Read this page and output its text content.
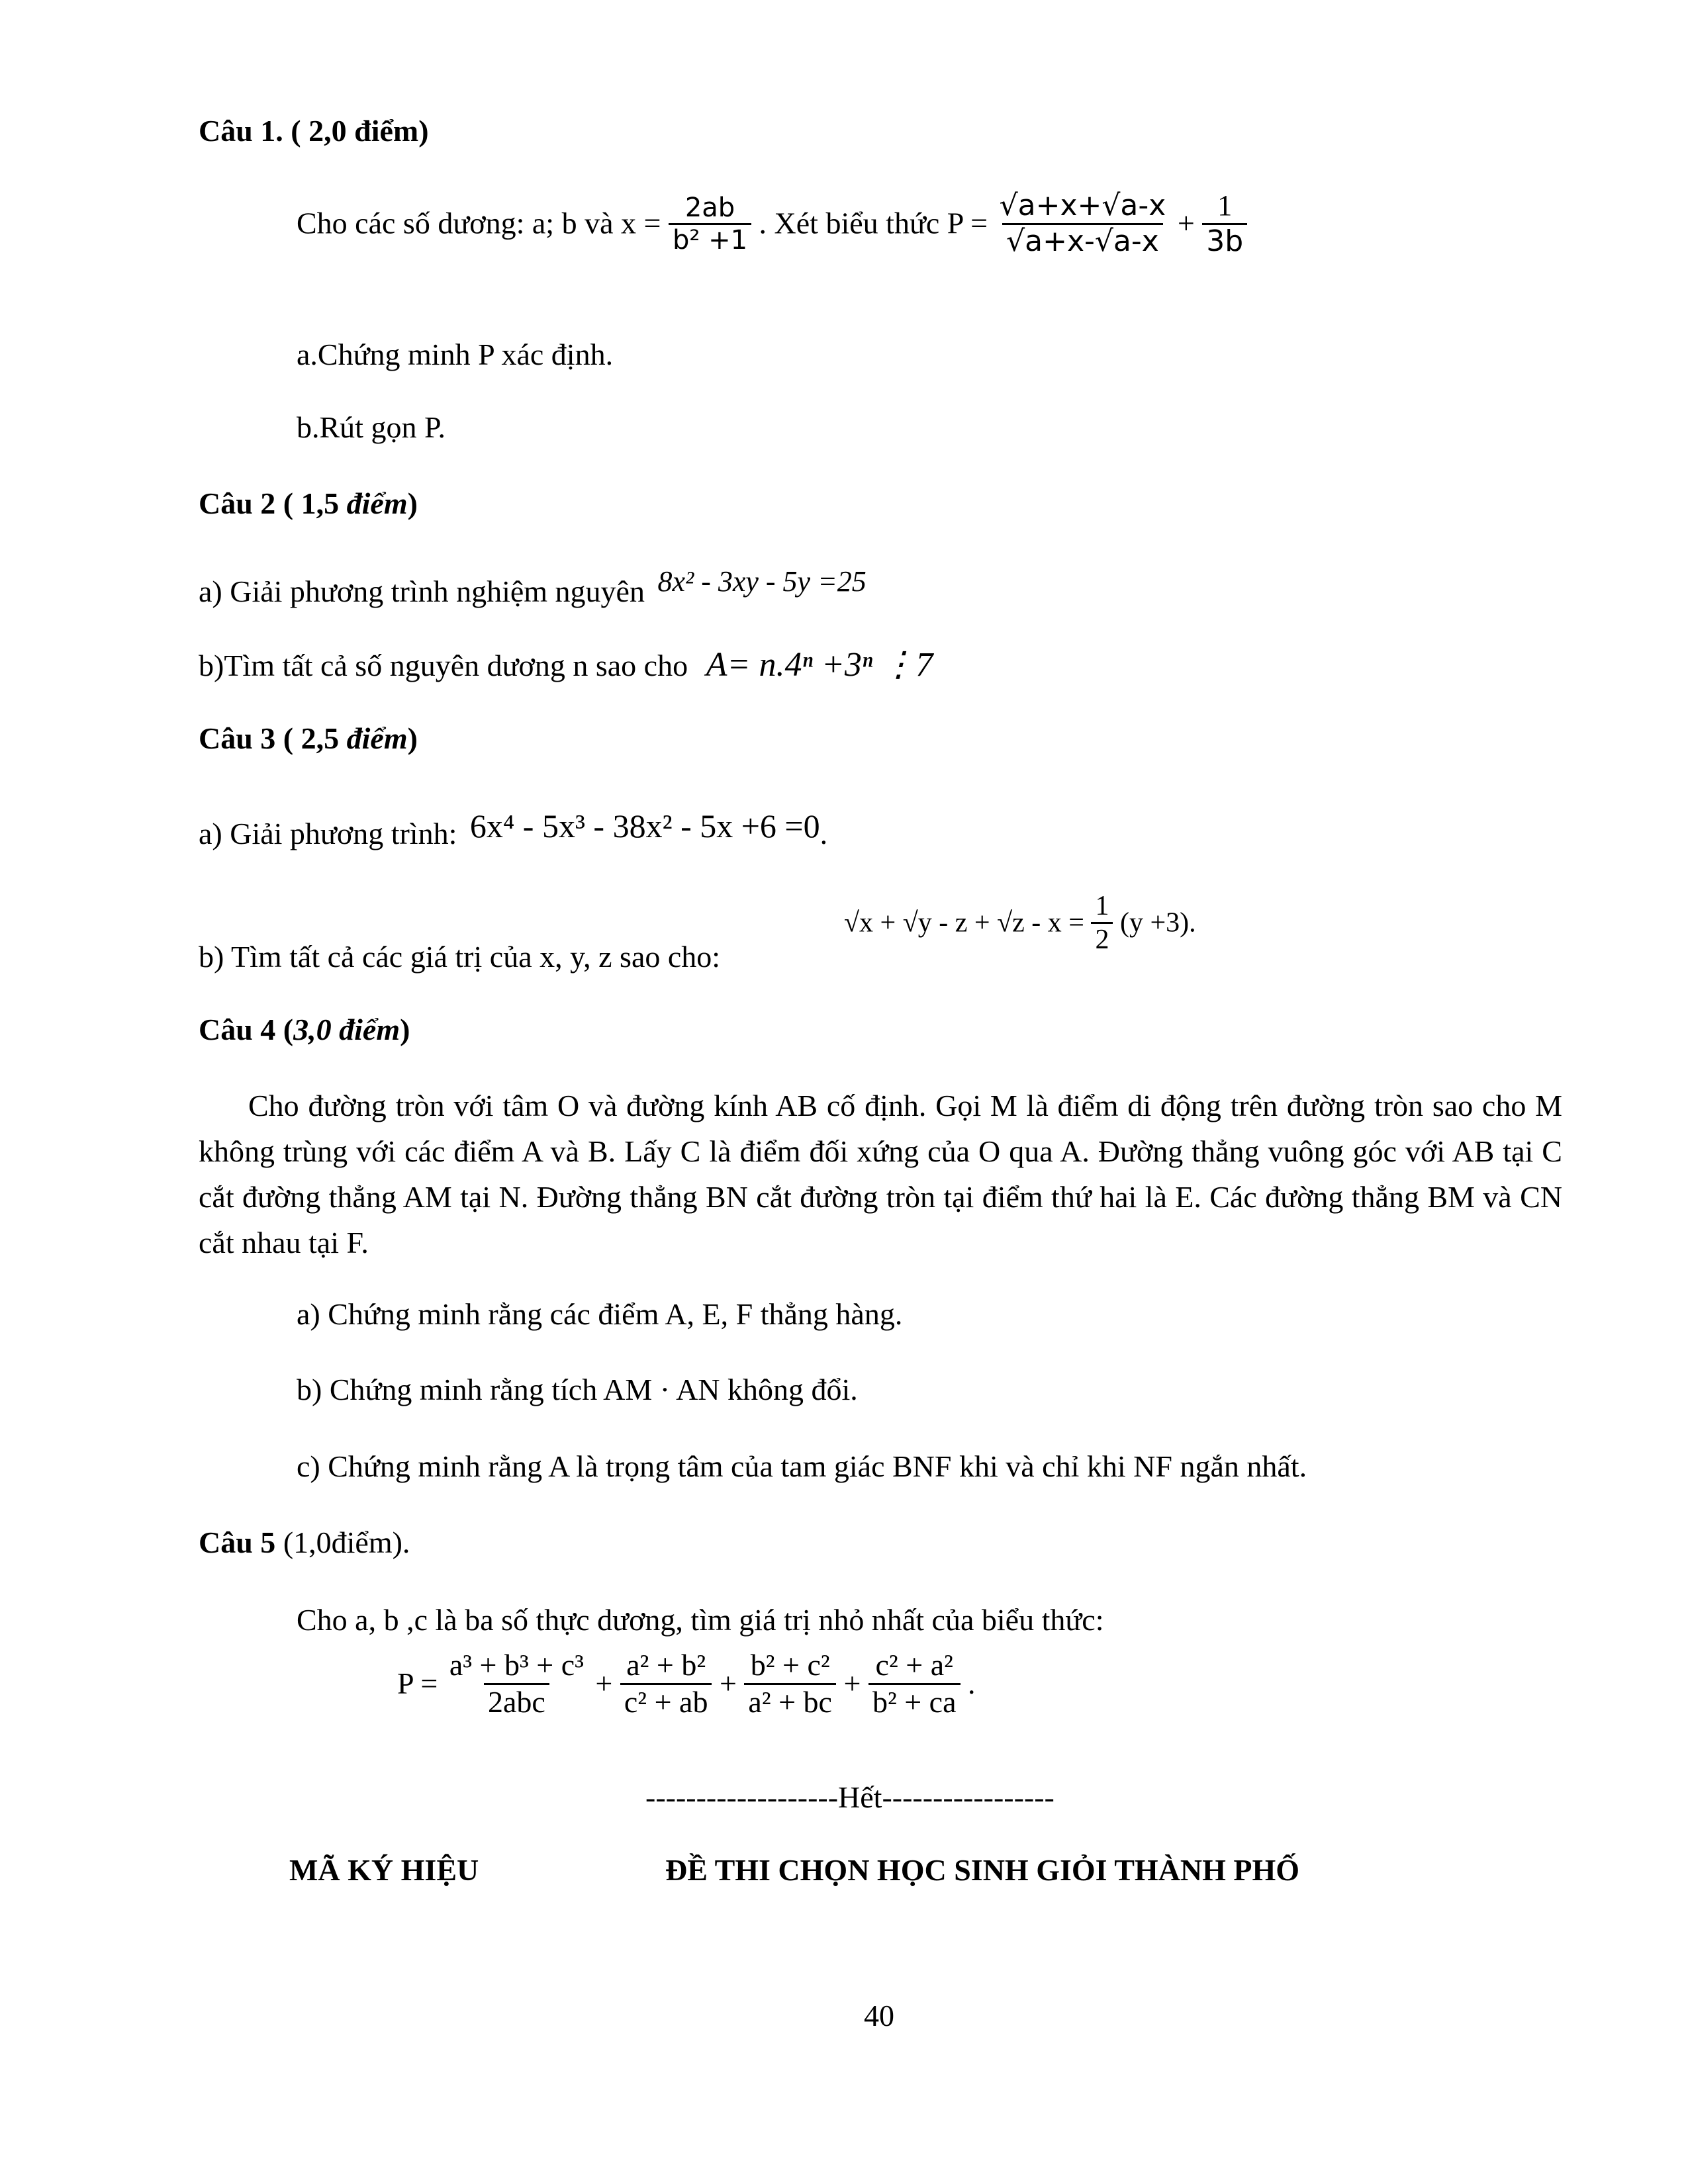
Câu 1. ( 2,0 điểm)
Cho các số dương: a; b và $x = \frac{2ab}{\text{b² +1}}$ . Xét biểu thức $P = \frac{√a+x+√a-x}{√a+x-√a-x} + \frac{1}{3b}$
a.Chứng minh P xác định.
b.Rút gọn P.
Câu 2 ( 1,5 điểm)
a) Giải phương trình nghiệm nguyên 8x² - 3xy - 5y =25
b)Tìm tất cả số nguyên dương n sao cho A= n.4ⁿ +3ⁿ ⋮7
Câu 3 ( 2,5 điểm)
a) Giải phương trình: 6x⁴ - 5x³ - 38x² - 5x +6 =0.
b) Tìm tất cả các giá trị của x, y, z sao cho:
$√x + √y - z + √z - x = \frac{1}{2} (y +3)$.
Câu 4 (3,0 điểm)
Cho đường tròn với tâm O và đường kính AB cố định. Gọi M là điểm di động trên đường tròn sao cho M không trùng với các điểm A và B. Lấy C là điểm đối xứng của O qua A. Đường thẳng vuông góc với AB tại C cắt đường thẳng AM tại N. Đường thẳng BN cắt đường tròn tại điểm thứ hai là E. Các đường thẳng BM và CN cắt nhau tại F.
a) Chứng minh rằng các điểm A, E, F thẳng hàng.
b) Chứng minh rằng tích AM · AN không đổi.
c) Chứng minh rằng A là trọng tâm của tam giác BNF khi và chỉ khi NF ngắn nhất.
Câu 5 (1,0điểm).
Cho a, b ,c là ba số thực dương, tìm giá trị nhỏ nhất của biểu thức:
$P = \frac{\text{a³ + b³ + c³}}{\text{2abc}} + \frac{\text{a² + b²}}{\text{c² + ab}} + \frac{\text{b² + c²}}{\text{a² + bc}} + \frac{\text{c² + a²}}{\text{b² + ca}}$ .
-------------------Hết-----------------
MÃ KÝ HIỆU	ĐỀ THI CHỌN HỌC SINH GIỎI THÀNH PHỐ
40
